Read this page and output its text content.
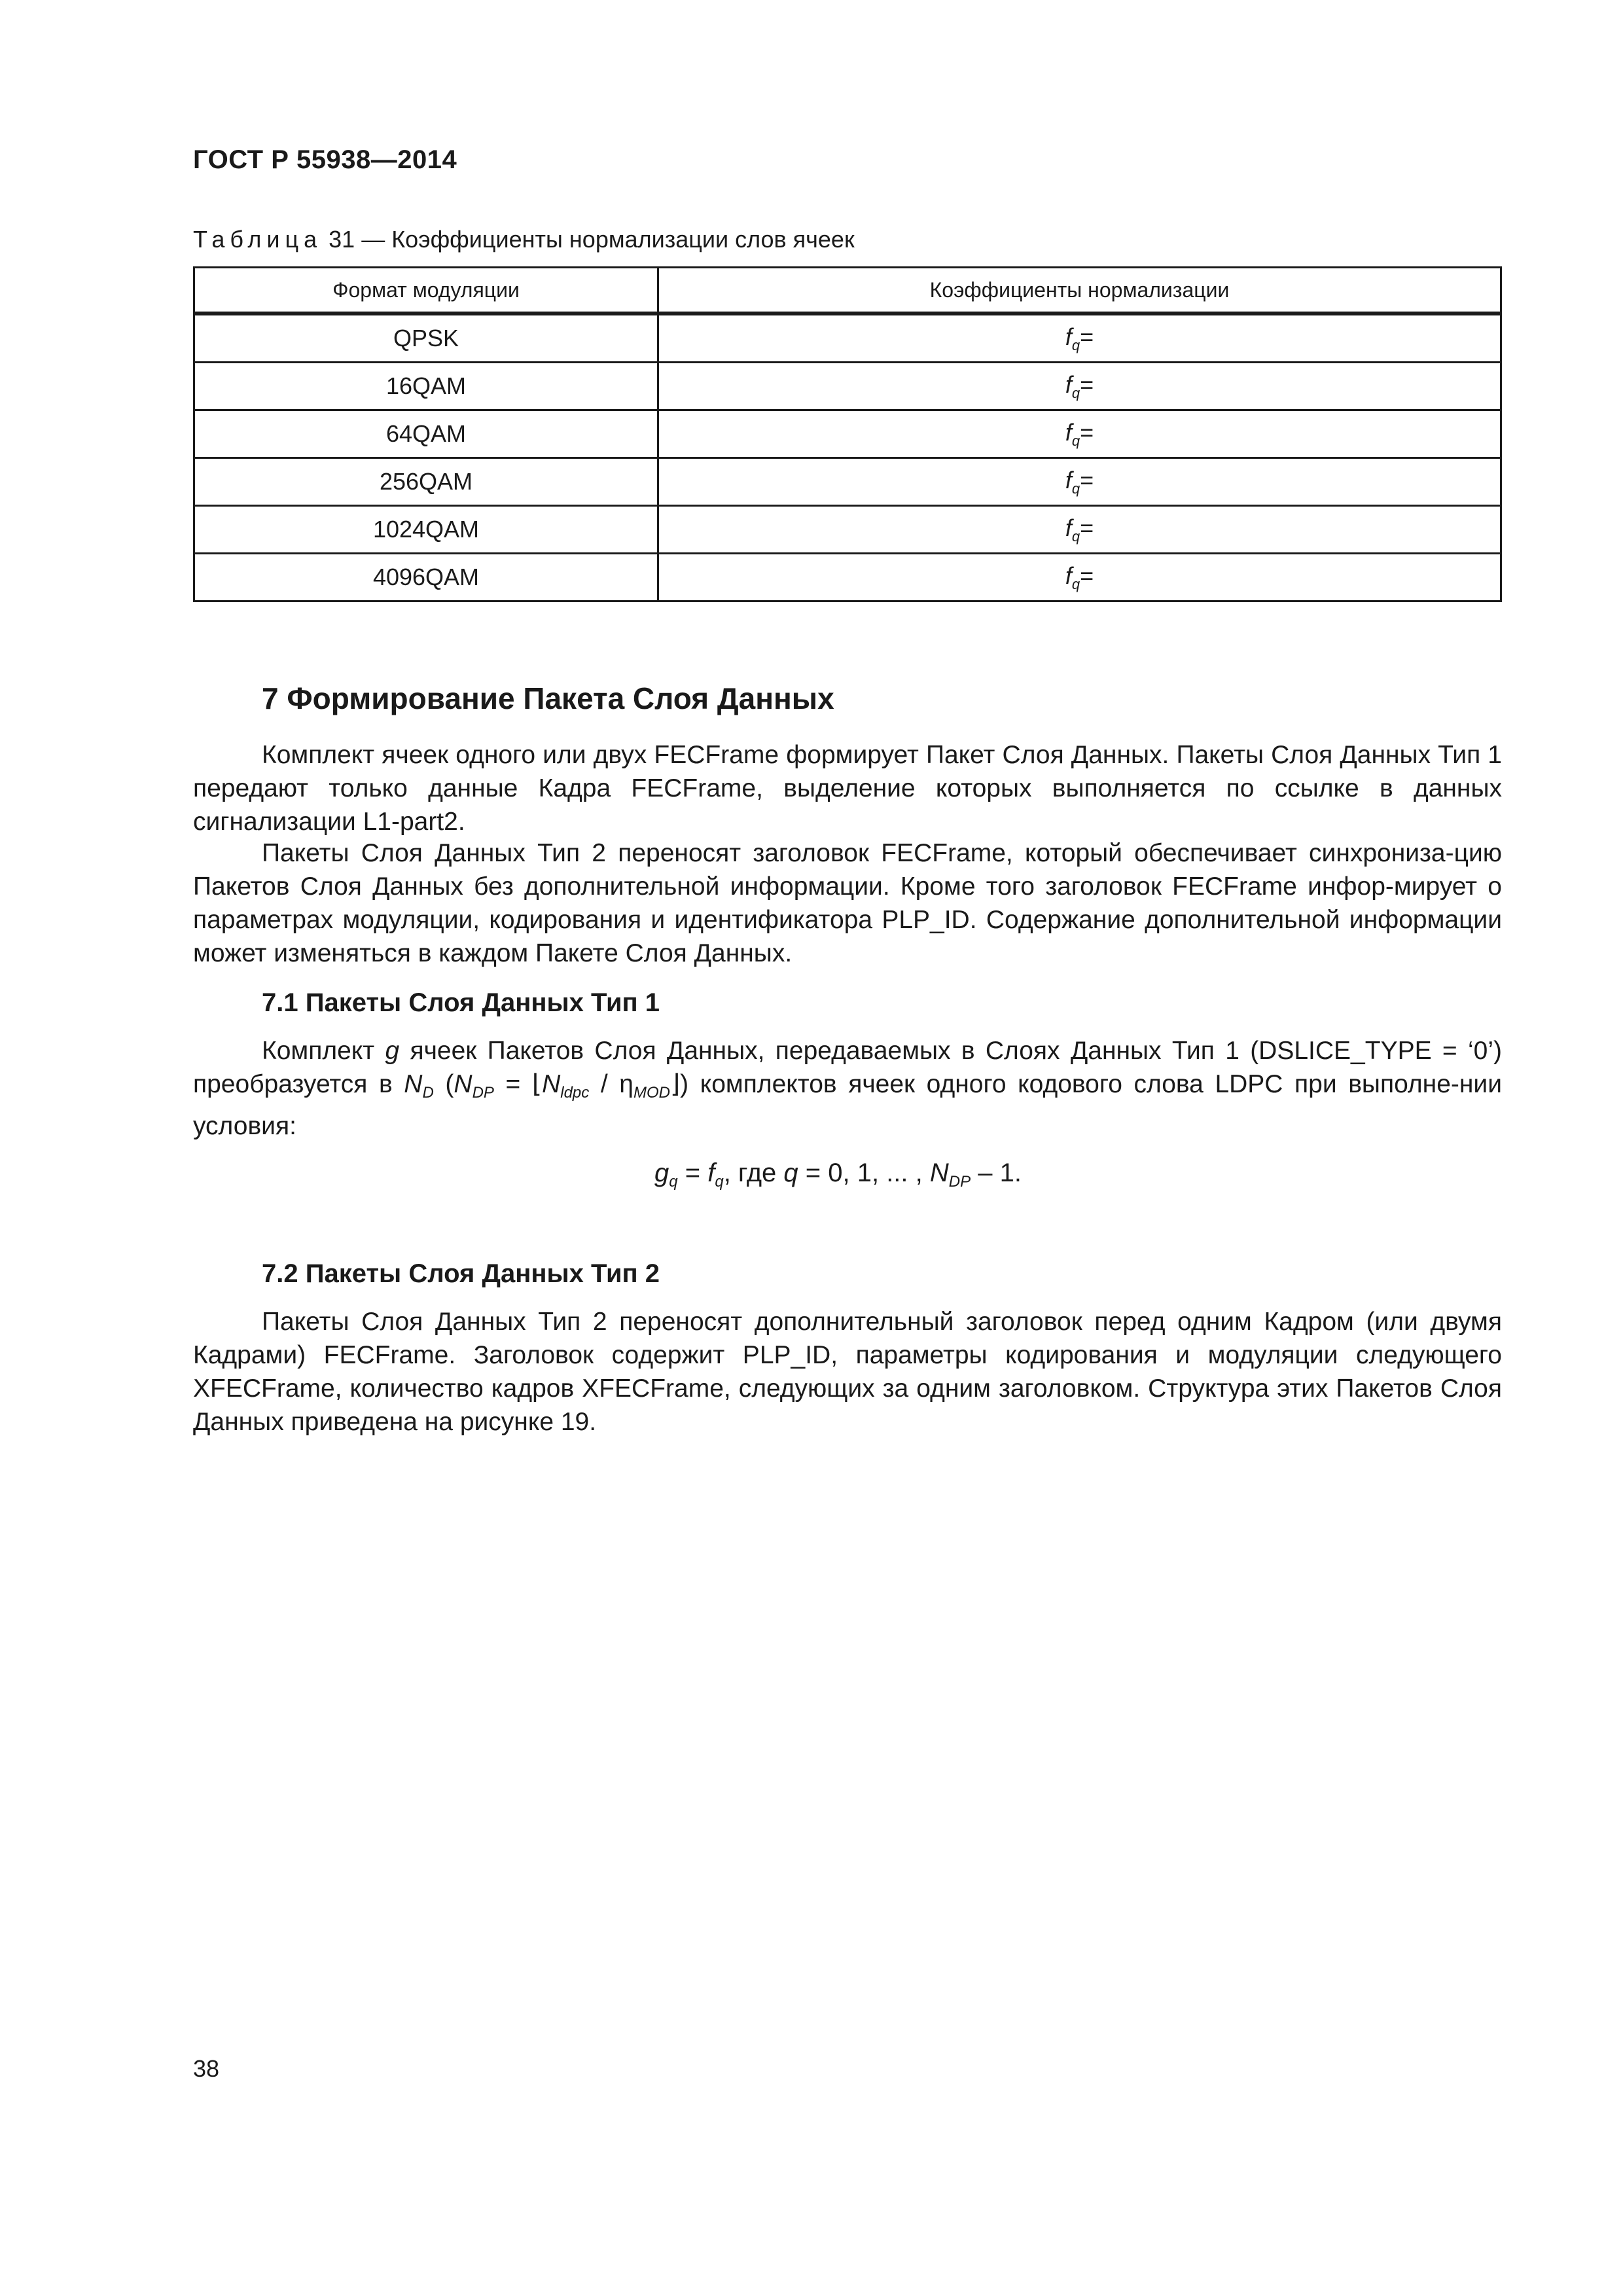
ГОСТ Р 55938—2014
Таблица 31 — Коэффициенты нормализации слов ячеек
Формат модуляции	Коэффициенты нормализации
QPSK	$f_q=$
16QAM	$f_q=$
64QAM	$f_q=$
256QAM	$f_q=$
1024QAM	$f_q=$
4096QAM	$f_q=$
7 Формирование Пакета Слоя Данных

Комплект ячеек одного или двух FECFrame формирует Пакет Слоя Данных. Пакеты Слоя Данных Тип 1 передают только данные Кадра FECFrame, выделение которых выполняется по ссылке в данных сигнализации L1-part2.

Пакеты Слоя Данных Тип 2 переносят заголовок FECFrame, который обеспечивает синхрониза-цию Пакетов Слоя Данных без дополнительной информации. Кроме того заголовок FECFrame инфор-мирует о параметрах модуляции, кодирования и идентификатора PLP_ID. Содержание дополнительной информации может изменяться в каждом Пакете Слоя Данных.

7.1 Пакеты Слоя Данных Тип 1

Комплект g ячеек Пакетов Слоя Данных, передаваемых в Слоях Данных Тип 1 (DSLICE_TYPE = ‘0’) преобразуется в $N_D$ ($N_{DP}$ = $⌊N_{ldpc}$ / $\eta_{MOD}⌋$) комплектов ячеек одного кодового слова LDPC при выполне-нии условия:

$g_q = f_q$, где q = 0, 1, ... , $N_{DP} - 1$.
7.2 Пакеты Слоя Данных Тип 2

Пакеты Слоя Данных Тип 2 переносят дополнительный заголовок перед одним Кадром (или двумя Кадрами) FECFrame. Заголовок содержит PLP_ID, параметры кодирования и модуляции следующего XFECFrame, количество кадров XFECFrame, следующих за одним заголовком. Структура этих Пакетов Слоя Данных приведена на рисунке 19.

38
